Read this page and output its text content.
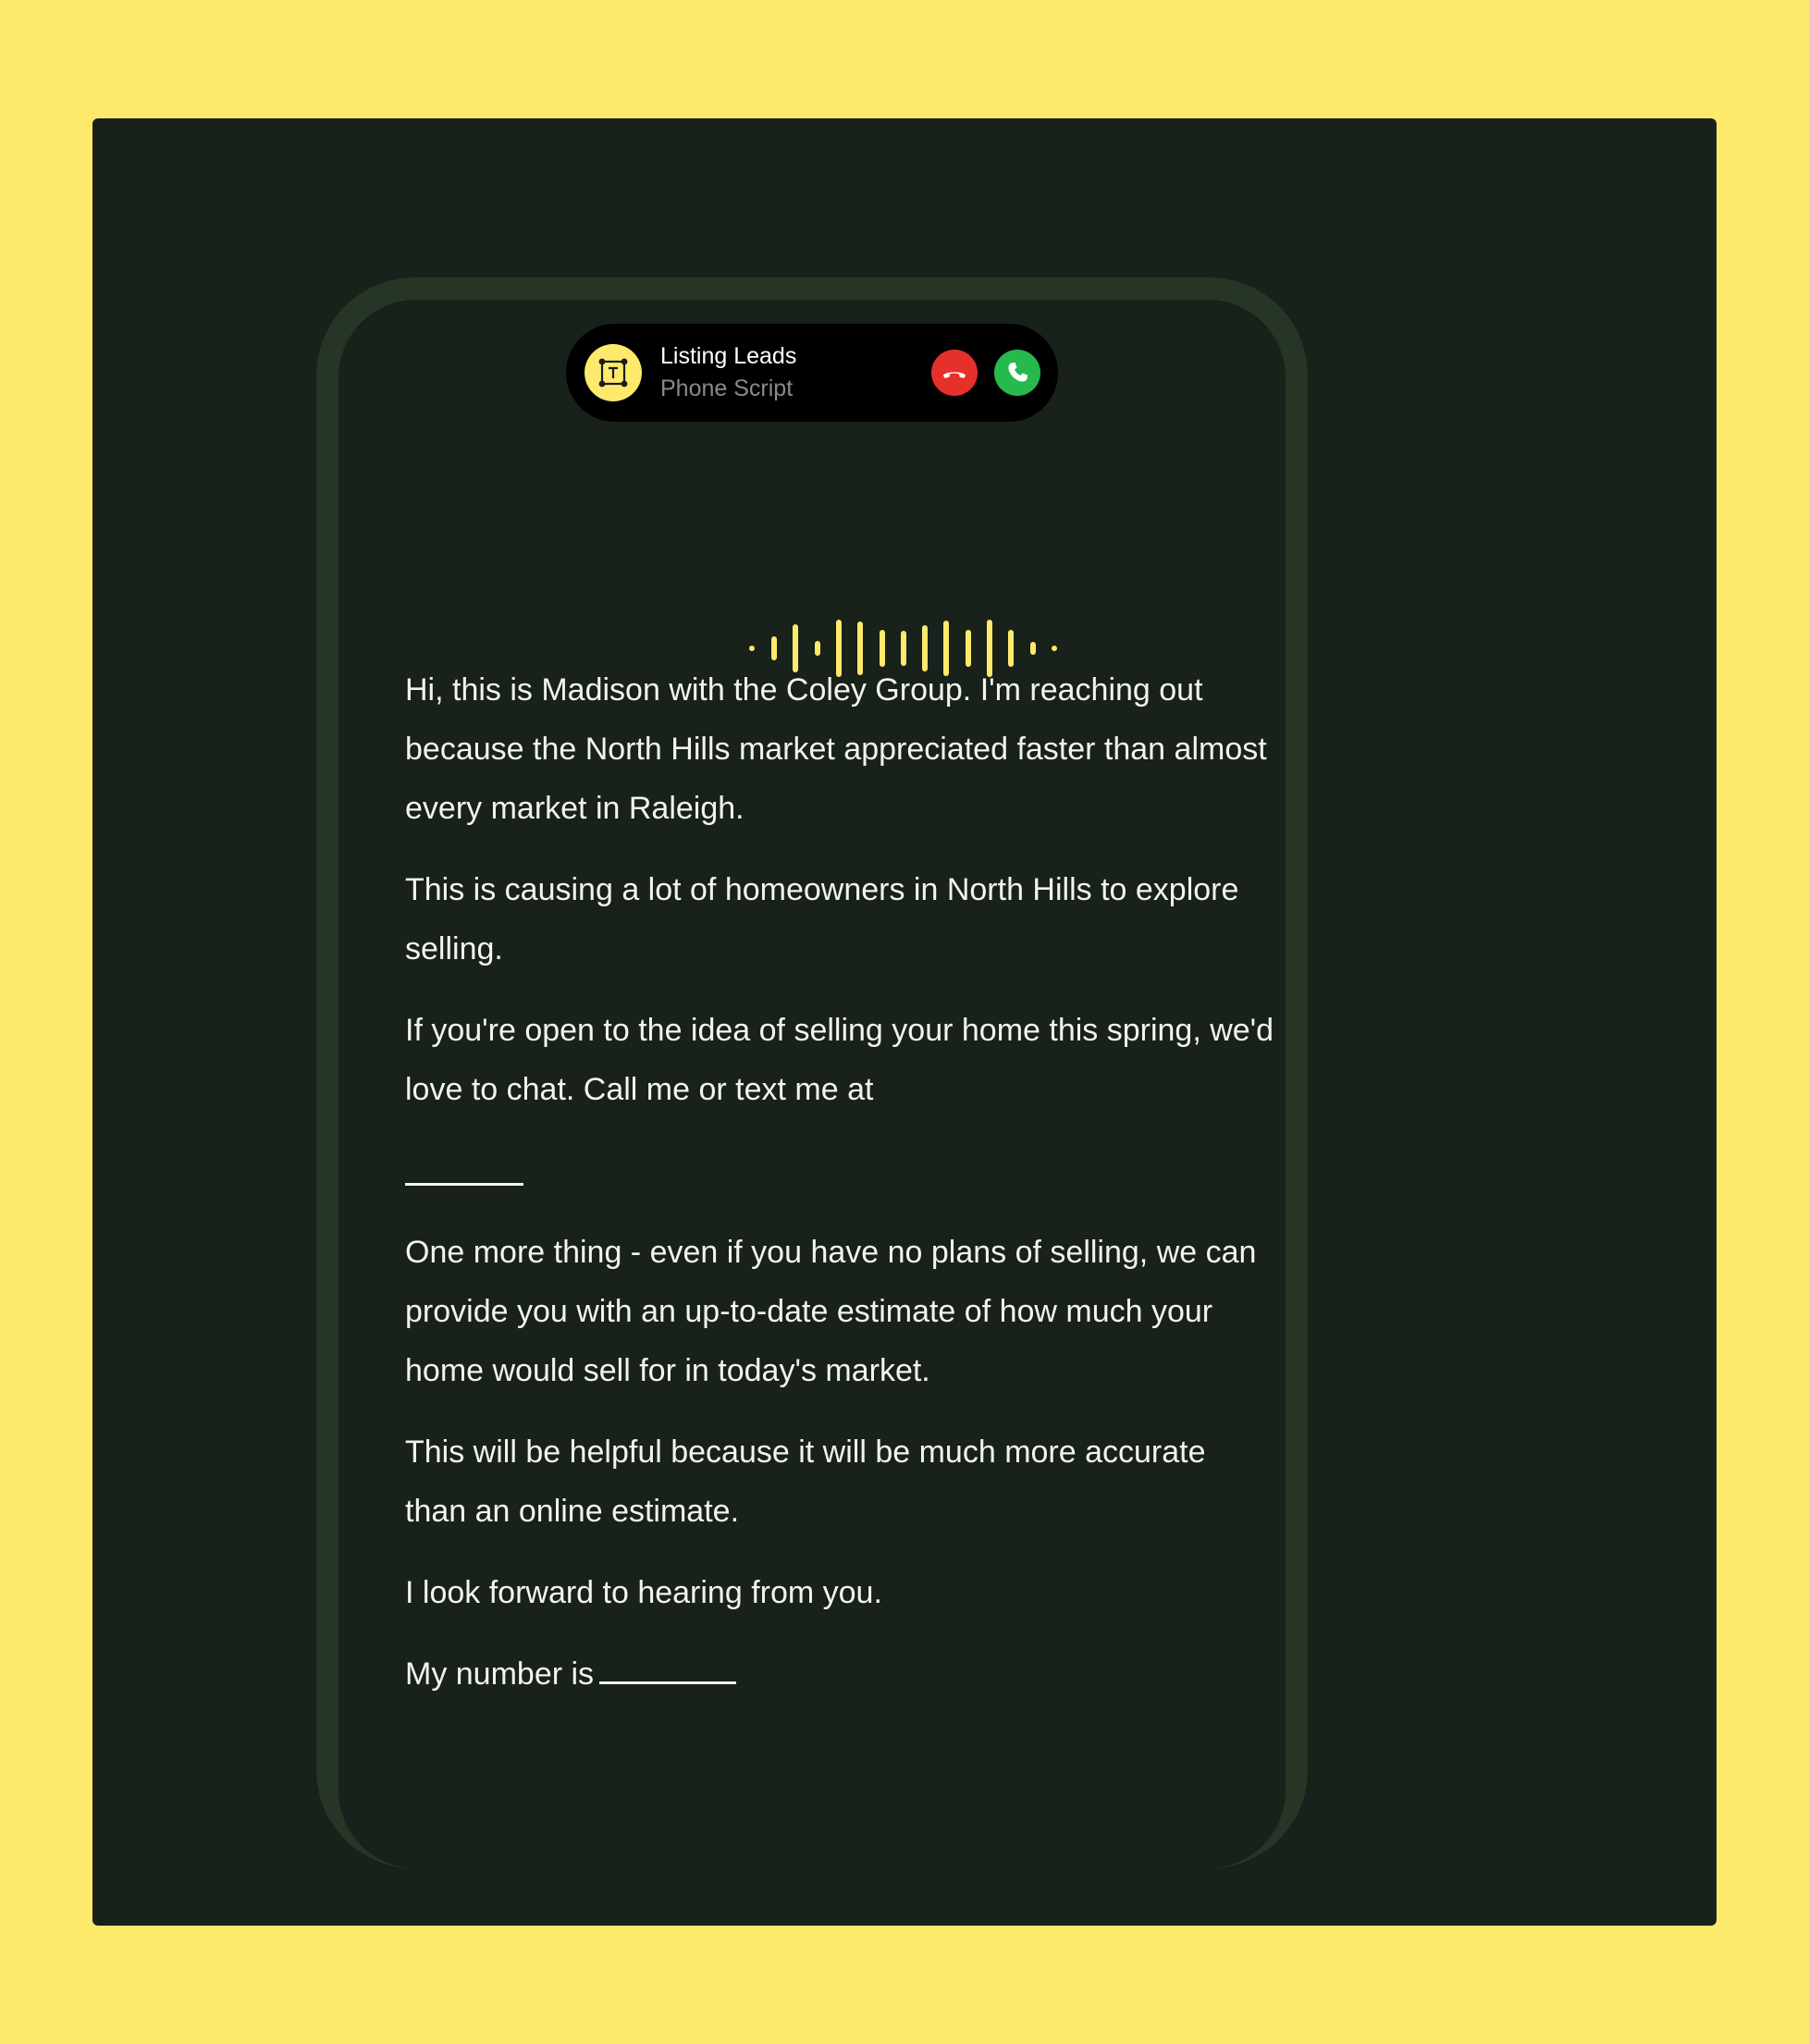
Listing Leads
Phone Script

Hi, this is Madison with the Coley Group. I'm reaching out because the North Hills market appreciated faster than almost every market in Raleigh.

This is causing a lot of homeowners in North Hills to explore selling.

If you're open to the idea of selling your home this spring, we'd love to chat. Call me or text me at

One more thing - even if you have no plans of selling, we can provide you with an up-to-date estimate of how much your home would sell for in today's market.

This will be helpful because it will be much more accurate than an online estimate.

I look forward to hearing from you.

My number is
